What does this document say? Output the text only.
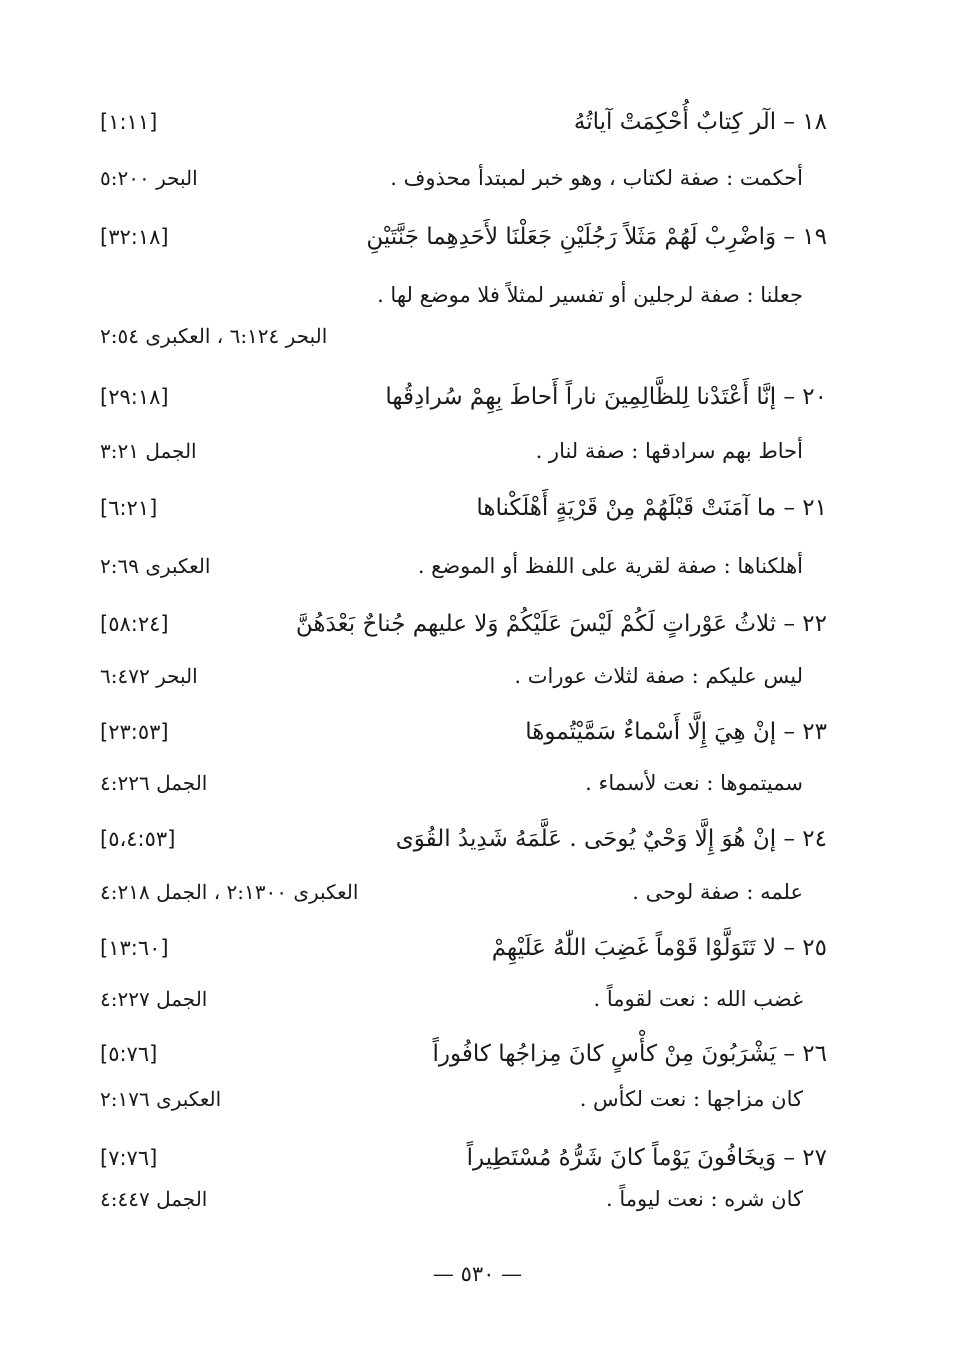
١٨ – الٓر كِتابٌ أُحْكِمَتْ آياتُهُ
[١:١١]
أحكمت : صفة لكتاب ، وهو خبر لمبتدأ محذوف .
البحر ٥:٢٠٠
١٩ – وَاضْرِبْ لَهُمْ مَثَلاً رَجُلَيْنِ جَعَلْنَا لأَحَدِهِما جَنَّتَيْنِ
[٣٢:١٨]
جعلنا : صفة لرجلين أو تفسير لمثلاً فلا موضع لها .
البحر ٦:١٢٤ ، العكبرى ٢:٥٤
٢٠ – إنَّا أَعْتَدْنا لِلظَّالِمِينَ ناراً أَحاطَ بِهِمْ سُرادِقُها
[٢٩:١٨]
أحاط بهم سرادقها : صفة لنار .
الجمل ٣:٢١
٢١ – ما آمَنَتْ قَبْلَهُمْ مِنْ قَرْيَةٍ أَهْلَكْناها
[٦:٢١]
أهلكناها : صفة لقرية على اللفظ أو الموضع .
العكبرى ٢:٦٩
٢٢ – ثلاثُ عَوْراتٍ لَكُمْ لَيْسَ عَلَيْكُمْ وَلا عليهم جُناحٌ بَعْدَهُنَّ
[٥٨:٢٤]
ليس عليكم : صفة لثلاث عورات .
البحر ٦:٤٧٢
٢٣ – إنْ هِيَ إِلَّا أَسْماءٌ سَمَّيْتُموهَا
[٢٣:٥٣]
سميتموها : نعت لأسماء .
الجمل ٤:٢٢٦
٢٤ – إنْ هُوَ إِلَّا وَحْيٌ يُوحَى . عَلَّمَهُ شَدِيدُ القُوَى
[٥،٤:٥٣]
علمه : صفة لوحى .
العكبرى ٢:١٣٠٠ ، الجمل ٤:٢١٨
٢٥ – لا تَتَوَلَّوْا قَوْماً غَضِبَ اللّٰهُ عَلَيْهِمْ
[١٣:٦٠]
غضب الله : نعت لقوماً .
الجمل ٤:٢٢٧
٢٦ – يَشْرَبُونَ مِنْ كأْسٍ كانَ مِزاجُها كافُوراً
[٥:٧٦]
كان مزاجها : نعت لكأس .
العكبرى ٢:١٧٦
٢٧ – وَيخَافُونَ يَوْماً كانَ شَرُّهُ مُسْتَطِيراً
[٧:٧٦]
كان شره : نعت ليوماً .
الجمل ٤:٤٤٧
— ٥٣٠ —
